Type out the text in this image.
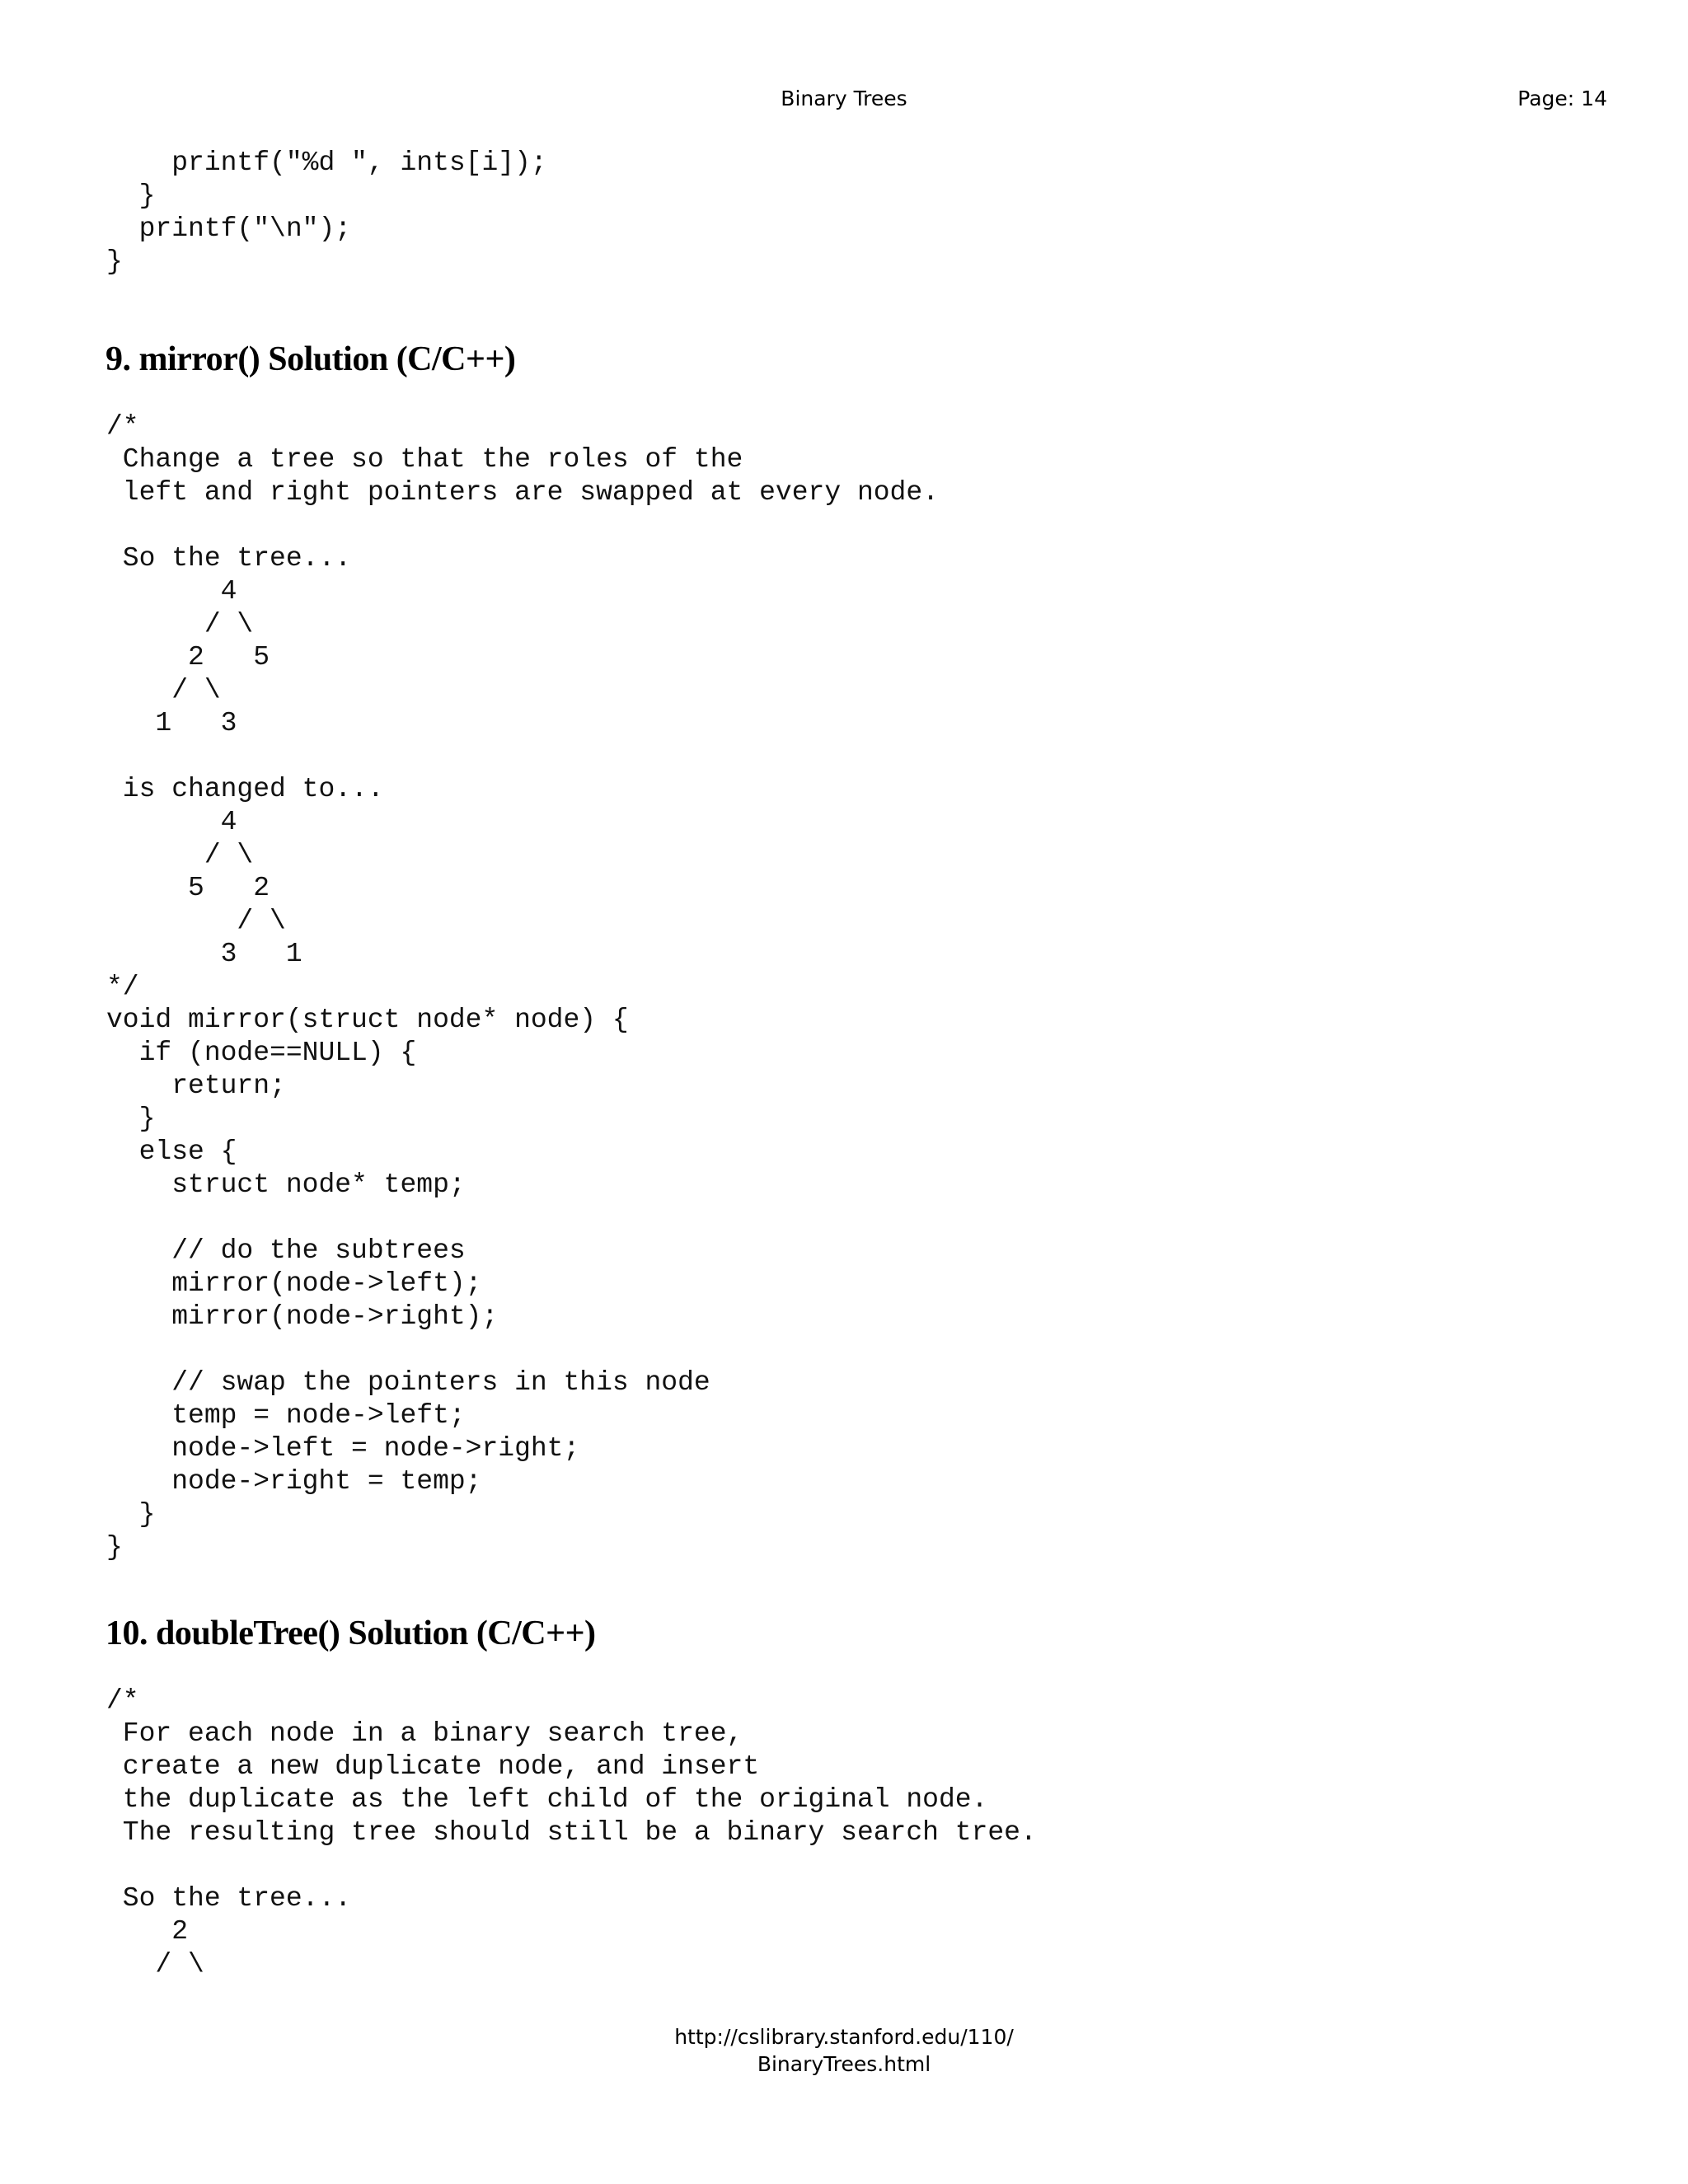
Binary Trees	Page: 14
printf("%d ", ints[i]);
}
printf("\n");
}
9. mirror() Solution (C/C++)
/*
Change a tree so that the roles of the
left and right pointers are swapped at every node.

So the tree...
4
/ \
2   5
/ \
1   3

is changed to...
4
/ \
5   2
/ \
3   1
*/
void mirror(struct node* node) {
if (node==NULL) {
return;
}
else {
struct node* temp;

// do the subtrees
mirror(node->left);
mirror(node->right);

// swap the pointers in this node
temp = node->left;
node->left = node->right;
node->right = temp;
}
}
10. doubleTree() Solution (C/C++)
/*
For each node in a binary search tree,
create a new duplicate node, and insert
the duplicate as the left child of the original node.
The resulting tree should still be a binary search tree.

So the tree...
2
/ \
http://cslibrary.stanford.edu/110/
BinaryTrees.html
